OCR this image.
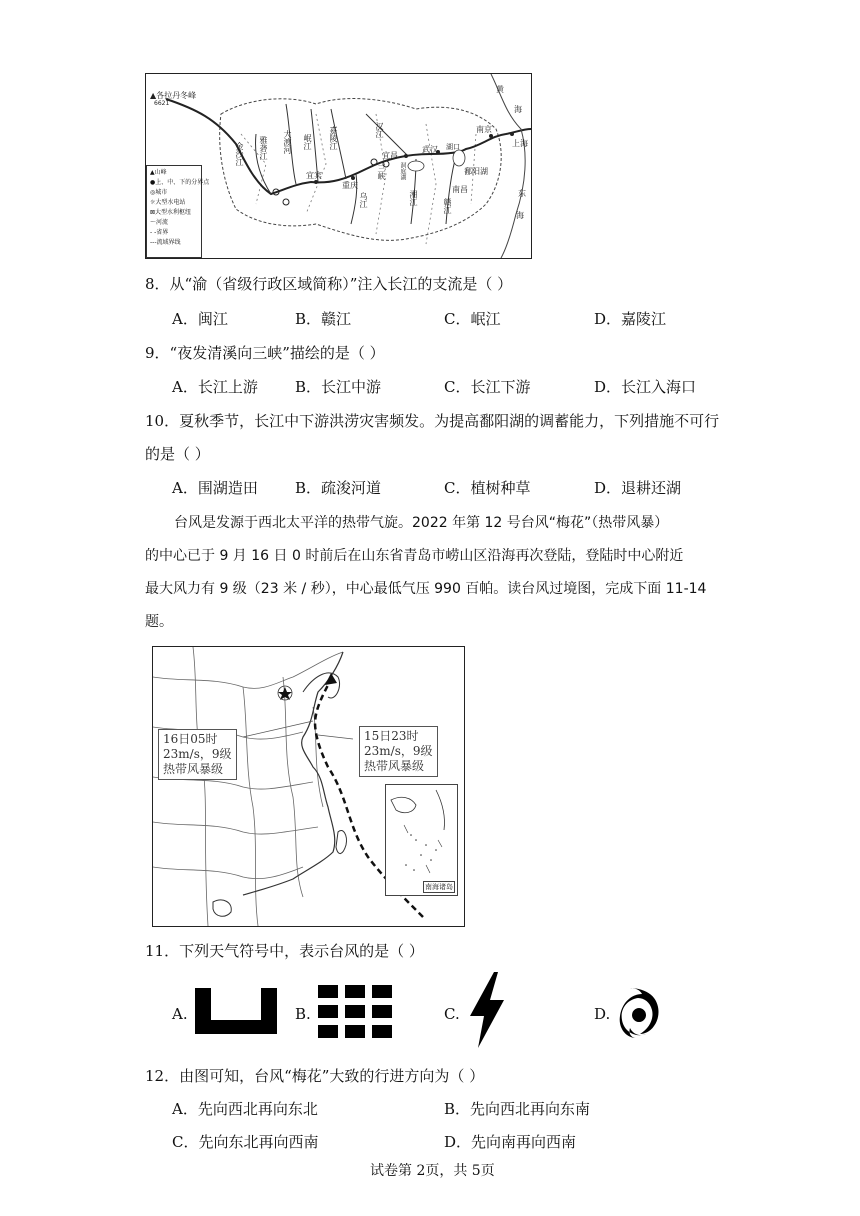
▲各拉丹冬峰
6621
黄
海
东
海
上海
南京
武汉
宜昌
宜宾
重庆	南昌
鄱阳湖
湖口
金沙江 雅砻江 大渡河 岷江 嘉陵江	汉江
三峡
乌江	湘江	赣江
洞庭湖
▲山峰
●上、中、下的分界点
◎城市
☼大型水电站
⊠大型水利枢纽
～河流
- -省界
---流域界线
8．从“渝（省级行政区域简称）”注入长江的支流是（ ）
A．闽江	B．赣江	C．岷江	D．嘉陵江
9．“夜发清溪向三峡”描绘的是（ ）
A．长江上游 B．长江中游	C．长江下游	D．长江入海口
10．夏秋季节，长江中下游洪涝灾害频发。为提高鄱阳湖的调蓄能力，下列措施不可行
的是（ ）
A．围湖造田 B．疏浚河道	C．植树种草	D．退耕还湖
台风是发源于西北太平洋的热带气旋。2022 年第 12 号台风“梅花”（热带风暴）
的中心已于 9 月 16 日 0 时前后在山东省青岛市崂山区沿海再次登陆，登陆时中心附近
最大风力有 9 级（23 米 / 秒），中心最低气压 990 百帕。读台风过境图，完成下面 11-14
题。
16日05时
23m/s，9级
热带风暴级
15日23时
23m/s，9级
热带风暴级
南海诸岛
11．下列天气符号中，表示台风的是（ ）
A.	B.	C.	D.
12．由图可知，台风“梅花”大致的行进方向为（ ）
A．先向西北再向东北	B．先向西北再向东南
C．先向东北再向西南	D．先向南再向西南
试卷第 2页，共 5页
